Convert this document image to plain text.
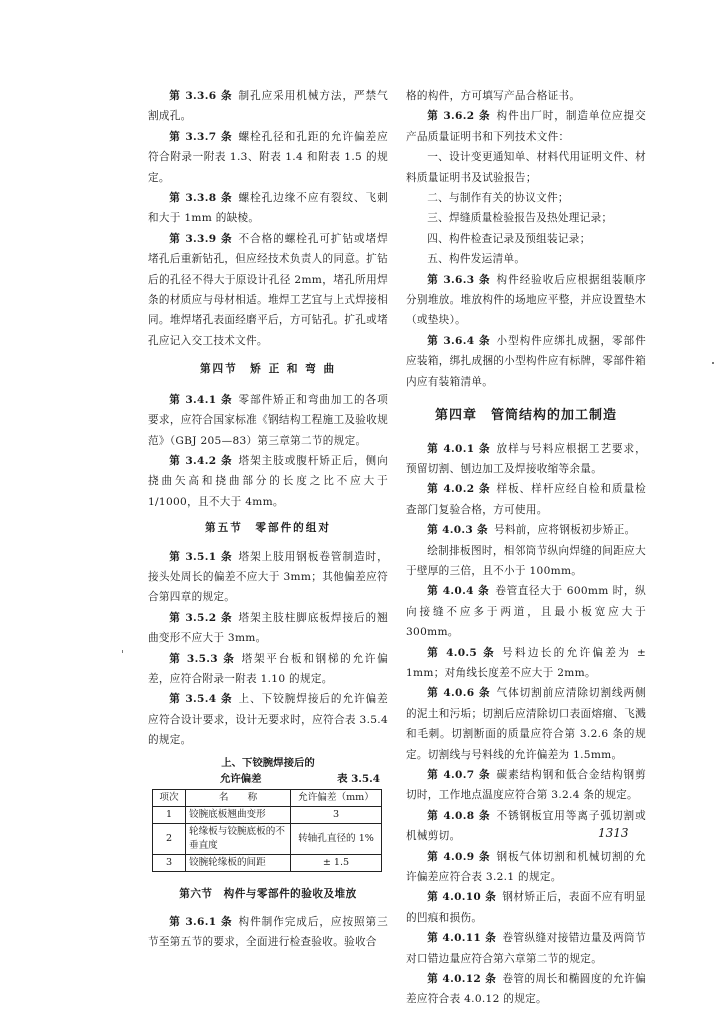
第 3.3.6 条 制孔应采用机械方法，严禁气割成孔。

第 3.3.7 条 螺栓孔径和孔距的允许偏差应符合附录一附表 1.3、附表 1.4 和附表 1.5 的规定。

第 3.3.8 条 螺栓孔边缘不应有裂纹、飞刺和大于 1mm 的缺棱。

第 3.3.9 条 不合格的螺栓孔可扩钻或堵焊堵孔后重新钻孔，但应经技术负责人的同意。扩钻后的孔径不得大于原设计孔径 2mm，堵孔所用焊条的材质应与母材相适。堆焊工艺宜与上式焊接相同。堆焊堵孔表面经磨平后，方可钻孔。扩孔或堵孔应记入交工技术文件。

第四节　矫 正 和 弯 曲

第 3.4.1 条 零部件矫正和弯曲加工的各项要求，应符合国家标准《钢结构工程施工及验收规范》（GBJ 205—83）第三章第二节的规定。

第 3.4.2 条 塔架主肢或腹杆矫正后，侧向挠曲矢高和挠曲部分的长度之比不应大于 1/1000，且不大于 4mm。

第五节　零部件的组对

第 3.5.1 条 塔架上肢用钢板卷管制造时，接头处周长的偏差不应大于 3mm；其他偏差应符合第四章的规定。

第 3.5.2 条 塔架主肢柱脚底板焊接后的翘曲变形不应大于 3mm。

第 3.5.3 条 塔架平台板和钢梯的允许偏差，应符合附录一附表 1.10 的规定。

第 3.5.4 条 上、下铰腕焊接后的允许偏差应符合设计要求，设计无要求时，应符合表 3.5.4 的规定。

上、下铰腕焊接后的
允许偏差	表 3.5.4
项次	名　　称	允许偏差（mm）
1	铰腕底板翘曲变形	3
2	轮缘板与铰腕底板的不垂直度	转轴孔直径的 1%
3	铰腕轮缘板的间距	± 1.5
第六节　构件与零部件的验收及堆放

第 3.6.1 条 构件制作完成后，应按照第三节至第五节的要求，全面进行检查验收。验收合

格的构件，方可填写产品合格证书。

第 3.6.2 条 构件出厂时，制造单位应提交产品质量证明书和下列技术文件：

一、设计变更通知单、材料代用证明文件、材料质量证明书及试验报告；

二、与制作有关的协议文件；

三、焊缝质量检验报告及热处理记录；

四、构件检查记录及预组装记录；

五、构件发运清单。

第 3.6.3 条 构件经验收后应根据组装顺序分别堆放。堆放构件的场地应平整，并应设置垫木（或垫块）。

第 3.6.4 条 小型构件应绑扎成捆，零部件应装箱，绑扎成捆的小型构件应有标牌，零部件箱内应有装箱清单。

第四章　管筒结构的加工制造

第 4.0.1 条 放样与号料应根据工艺要求，预留切割、刨边加工及焊接收缩等余量。

第 4.0.2 条 样板、样杆应经自检和质量检查部门复验合格，方可使用。

第 4.0.3 条 号料前，应将钢板初步矫正。

绘制排板图时，相邻筒节纵向焊缝的间距应大于壁厚的三倍，且不小于 100mm。

第 4.0.4 条 卷管直径大于 600mm 时，纵向接缝不应多于两道，且最小板宽应大于 300mm。

第 4.0.5 条 号料边长的允许偏差为 ± 1mm；对角线长度差不应大于 2mm。

第 4.0.6 条 气体切割前应清除切割线两侧的泥土和污垢；切割后应清除切口表面熔瘤、飞溅和毛刺。切割断面的质量应符合第 3.2.6 条的规定。切割线与号料线的允许偏差为 1.5mm。

第 4.0.7 条 碳素结构钢和低合金结构钢剪切时，工作地点温度应符合第 3.2.4 条的规定。

第 4.0.8 条 不锈钢板宜用等离子弧切割或机械剪切。

第 4.0.9 条 钢板气体切割和机械切割的允许偏差应符合表 3.2.1 的规定。

第 4.0.10 条 钢材矫正后，表面不应有明显的凹痕和损伤。

第 4.0.11 条 卷管纵缝对接错边量及两筒节对口错边量应符合第六章第二节的规定。

第 4.0.12 条 卷管的周长和椭圆度的允许偏差应符合表 4.0.12 的规定。

1313
